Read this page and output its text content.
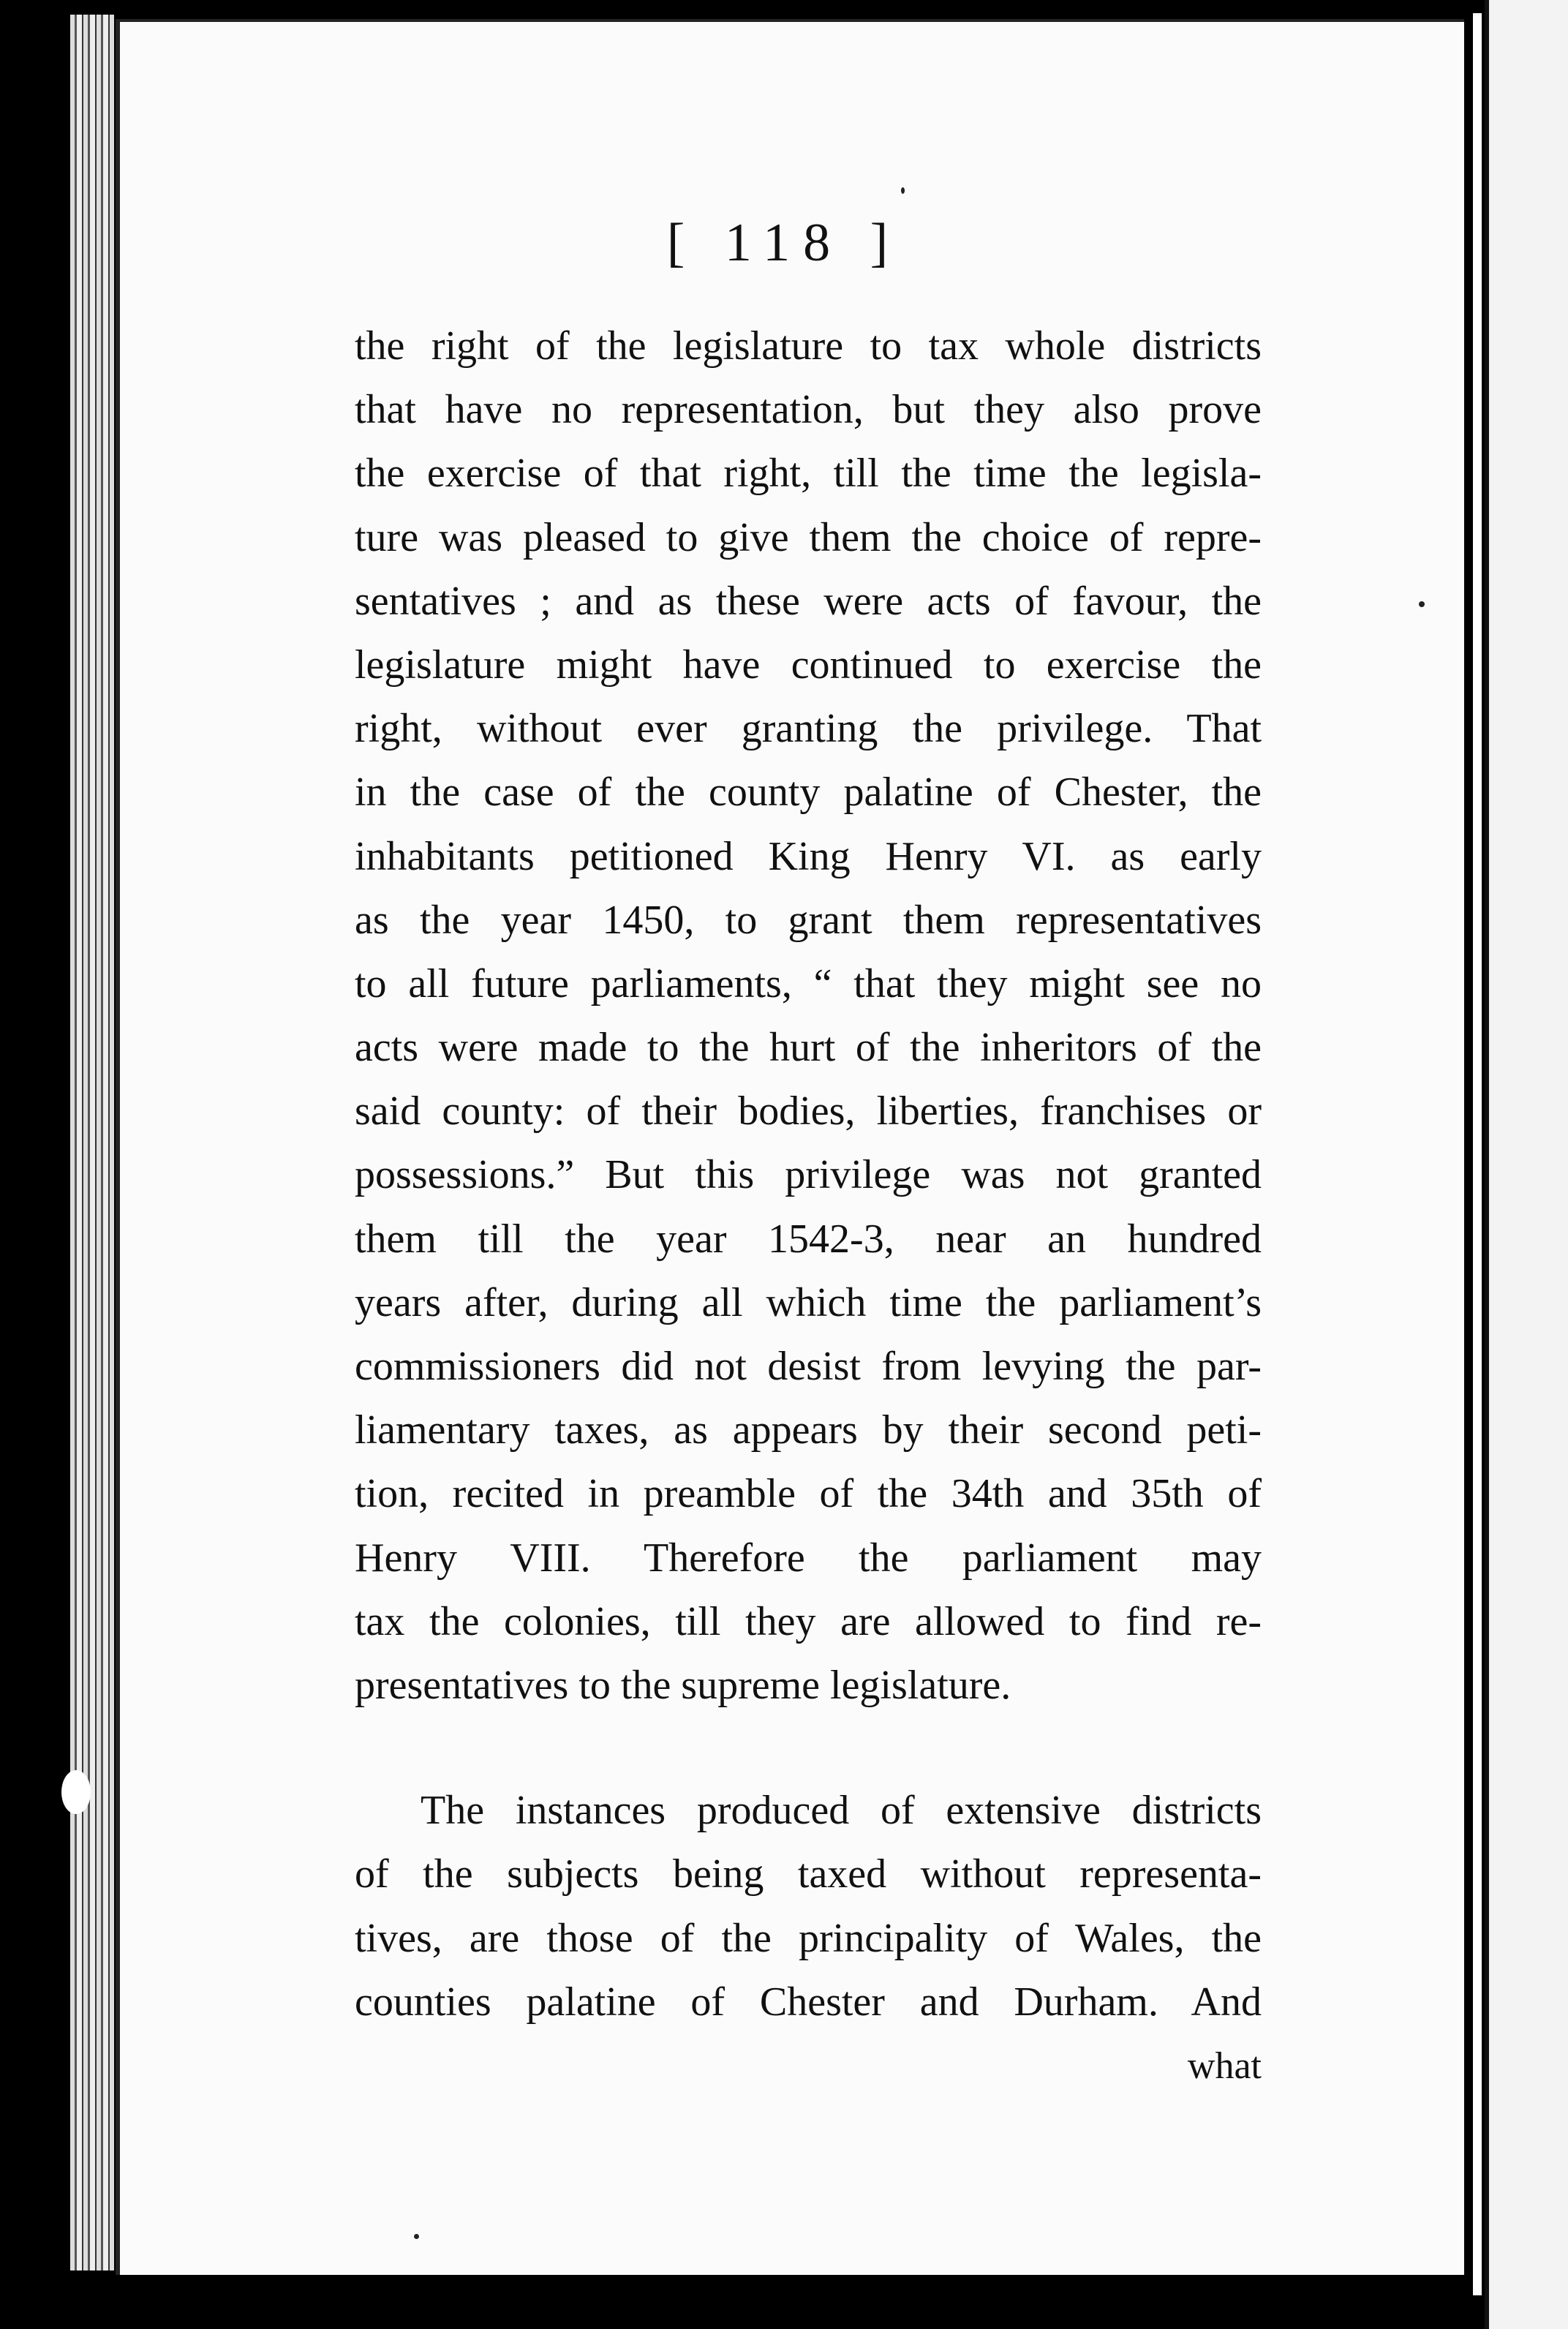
[ 118 ]
the right of the legislature to tax whole districts
that have no representation, but they also prove
the exercise of that right, till the time the legisla-
ture was pleased to give them the choice of repre-
sentatives ; and as these were acts of favour, the
legislature might have continued to exercise the
right, without ever granting the privilege. That
in the case of the county palatine of Chester, the
inhabitants petitioned King Henry VI. as early
as the year 1450, to grant them representatives
to all future parliaments, “ that they might see no
acts were made to the hurt of the inheritors of the
said county: of their bodies, liberties, franchises or
possessions.” But this privilege was not granted
them till the year 1542-3, near an hundred
years after, during all which time the parliament’s
commissioners did not desist from levying the par-
liamentary taxes, as appears by their second peti-
tion, recited in preamble of the 34th and 35th of
Henry VIII. Therefore the parliament may
tax the colonies, till they are allowed to find re-
presentatives to the supreme legislature.
The instances produced of extensive districts
of the subjects being taxed without representa-
tives, are those of the principality of Wales, the
counties palatine of Chester and Durham. And
what
